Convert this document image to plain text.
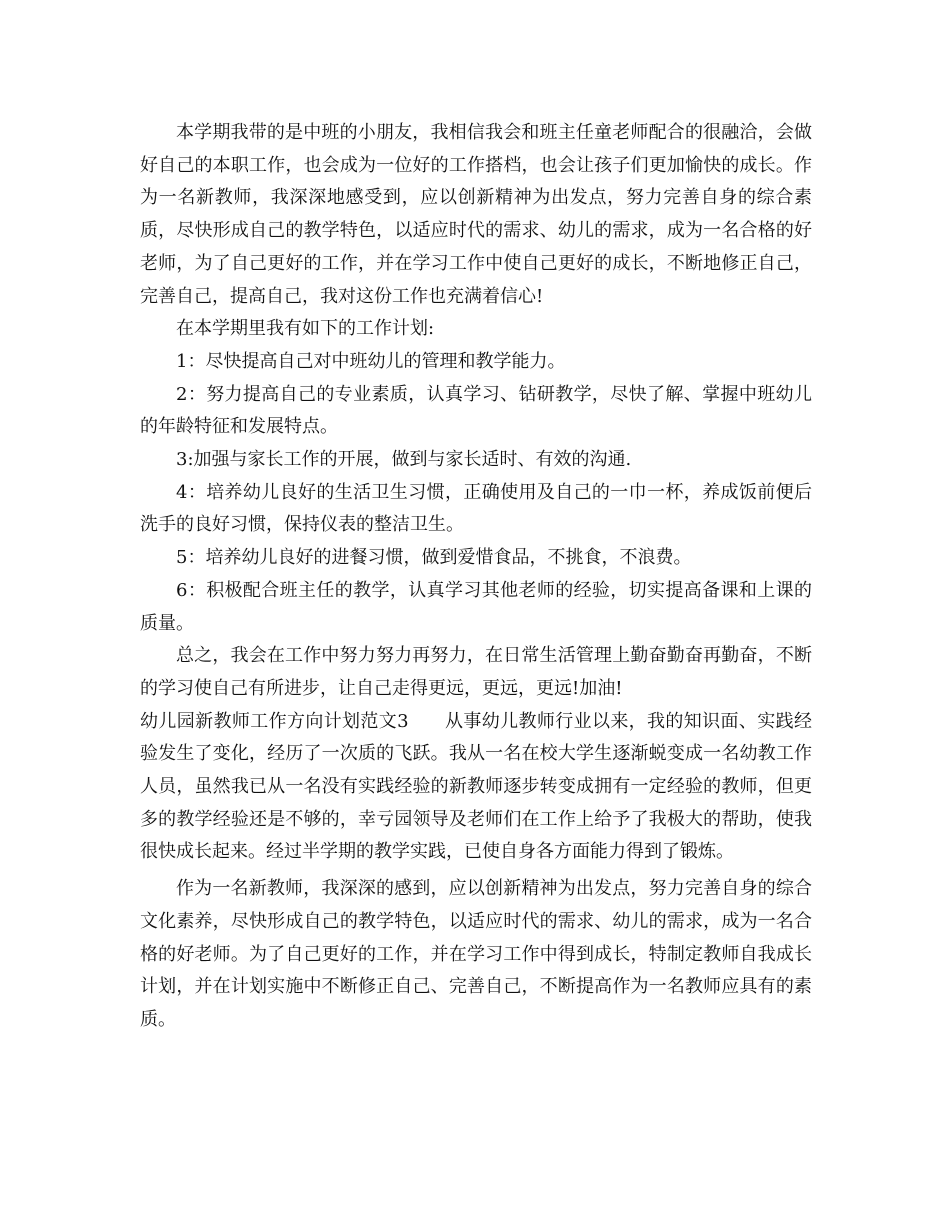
本学期我带的是中班的小朋友，我相信我会和班主任童老师配合的很融洽，会做好自己的本职工作，也会成为一位好的工作搭档，也会让孩子们更加愉快的成长。作为一名新教师，我深深地感受到，应以创新精神为出发点，努力完善自身的综合素质，尽快形成自己的教学特色，以适应时代的需求、幼儿的需求，成为一名合格的好老师，为了自己更好的工作，并在学习工作中使自己更好的成长，不断地修正自己，完善自己，提高自己，我对这份工作也充满着信心!

在本学期里我有如下的工作计划:

1：尽快提高自己对中班幼儿的管理和教学能力。

2：努力提高自己的专业素质，认真学习、钻研教学，尽快了解、掌握中班幼儿的年龄特征和发展特点。

3:加强与家长工作的开展，做到与家长适时、有效的沟通.

4：培养幼儿良好的生活卫生习惯，正确使用及自己的一巾一杯，养成饭前便后洗手的良好习惯，保持仪表的整洁卫生。

5：培养幼儿良好的进餐习惯，做到爱惜食品，不挑食，不浪费。

6：积极配合班主任的教学，认真学习其他老师的经验，切实提高备课和上课的质量。

总之，我会在工作中努力努力再努力，在日常生活管理上勤奋勤奋再勤奋，不断的学习使自己有所进步，让自己走得更远，更远，更远!加油!

幼儿园新教师工作方向计划范文3 从事幼儿教师行业以来，我的知识面、实践经验发生了变化，经历了一次质的飞跃。我从一名在校大学生逐渐蜕变成一名幼教工作人员，虽然我已从一名没有实践经验的新教师逐步转变成拥有一定经验的教师，但更多的教学经验还是不够的，幸亏园领导及老师们在工作上给予了我极大的帮助，使我很快成长起来。经过半学期的教学实践，已使自身各方面能力得到了锻炼。

作为一名新教师，我深深的感到，应以创新精神为出发点，努力完善自身的综合文化素养，尽快形成自己的教学特色，以适应时代的需求、幼儿的需求，成为一名合格的好老师。为了自己更好的工作，并在学习工作中得到成长，特制定教师自我成长计划，并在计划实施中不断修正自己、完善自己，不断提高作为一名教师应具有的素质。
